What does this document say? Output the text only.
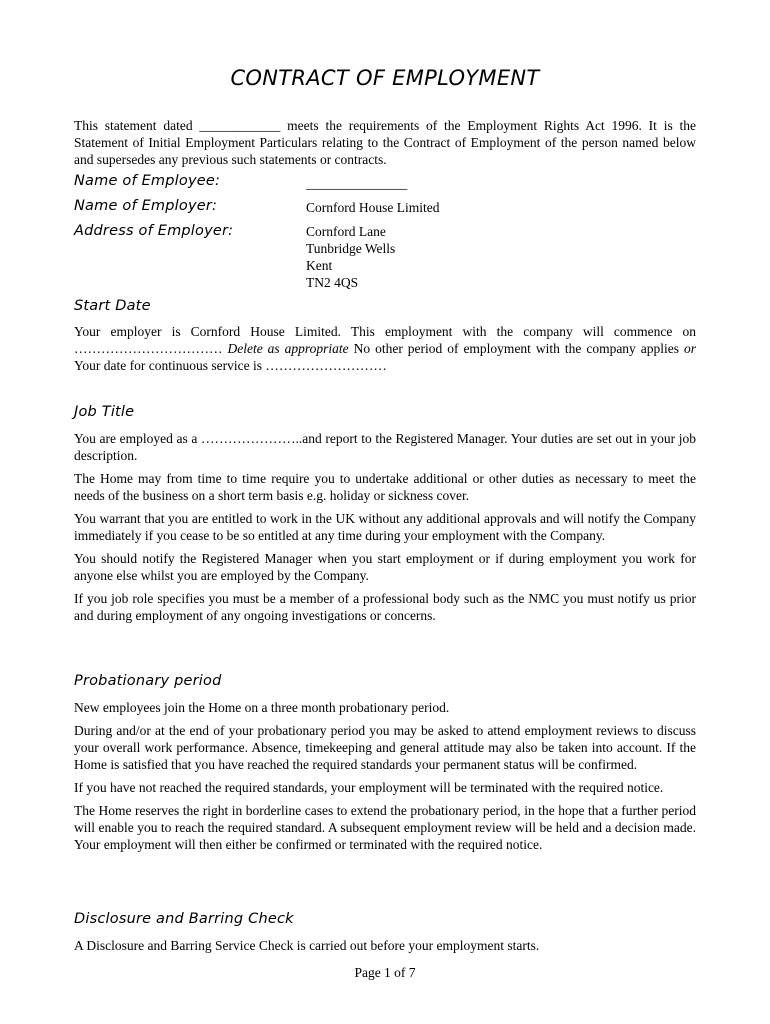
CONTRACT OF EMPLOYMENT
This statement dated ____________ meets the requirements of the Employment Rights Act 1996. It is the Statement of Initial Employment Particulars relating to the Contract of Employment of the person named below and supersedes any previous such statements or contracts.
Name of Employee:	_______________
Name of Employer:	Cornford House Limited
Address of Employer:	Cornford Lane
Tunbridge Wells
Kent
TN2 4QS
Start Date
Your employer is Cornford House Limited. This employment with the company will commence on …………………………… Delete as appropriate No other period of employment with the company applies or Your date for continuous service is ………………………
Job Title

You are employed as a …………………..and report to the Registered Manager. Your duties are set out in your job description.

The Home may from time to time require you to undertake additional or other duties as necessary to meet the needs of the business on a short term basis e.g. holiday or sickness cover.

You warrant that you are entitled to work in the UK without any additional approvals and will notify the Company immediately if you cease to be so entitled at any time during your employment with the Company.

You should notify the Registered Manager when you start employment or if during employment you work for anyone else whilst you are employed by the Company.

If you job role specifies you must be a member of a professional body such as the NMC you must notify us prior and during employment of any ongoing investigations or concerns.

Probationary period

New employees join the Home on a three month probationary period.

During and/or at the end of your probationary period you may be asked to attend employment reviews to discuss your overall work performance. Absence, timekeeping and general attitude may also be taken into account. If the Home is satisfied that you have reached the required standards your permanent status will be confirmed.

If you have not reached the required standards, your employment will be terminated with the required notice.

The Home reserves the right in borderline cases to extend the probationary period, in the hope that a further period will enable you to reach the required standard. A subsequent employment review will be held and a decision made. Your employment will then either be confirmed or terminated with the required notice.

Disclosure and Barring Check
A Disclosure and Barring Service Check is carried out before your employment starts.
Page 1 of 7
